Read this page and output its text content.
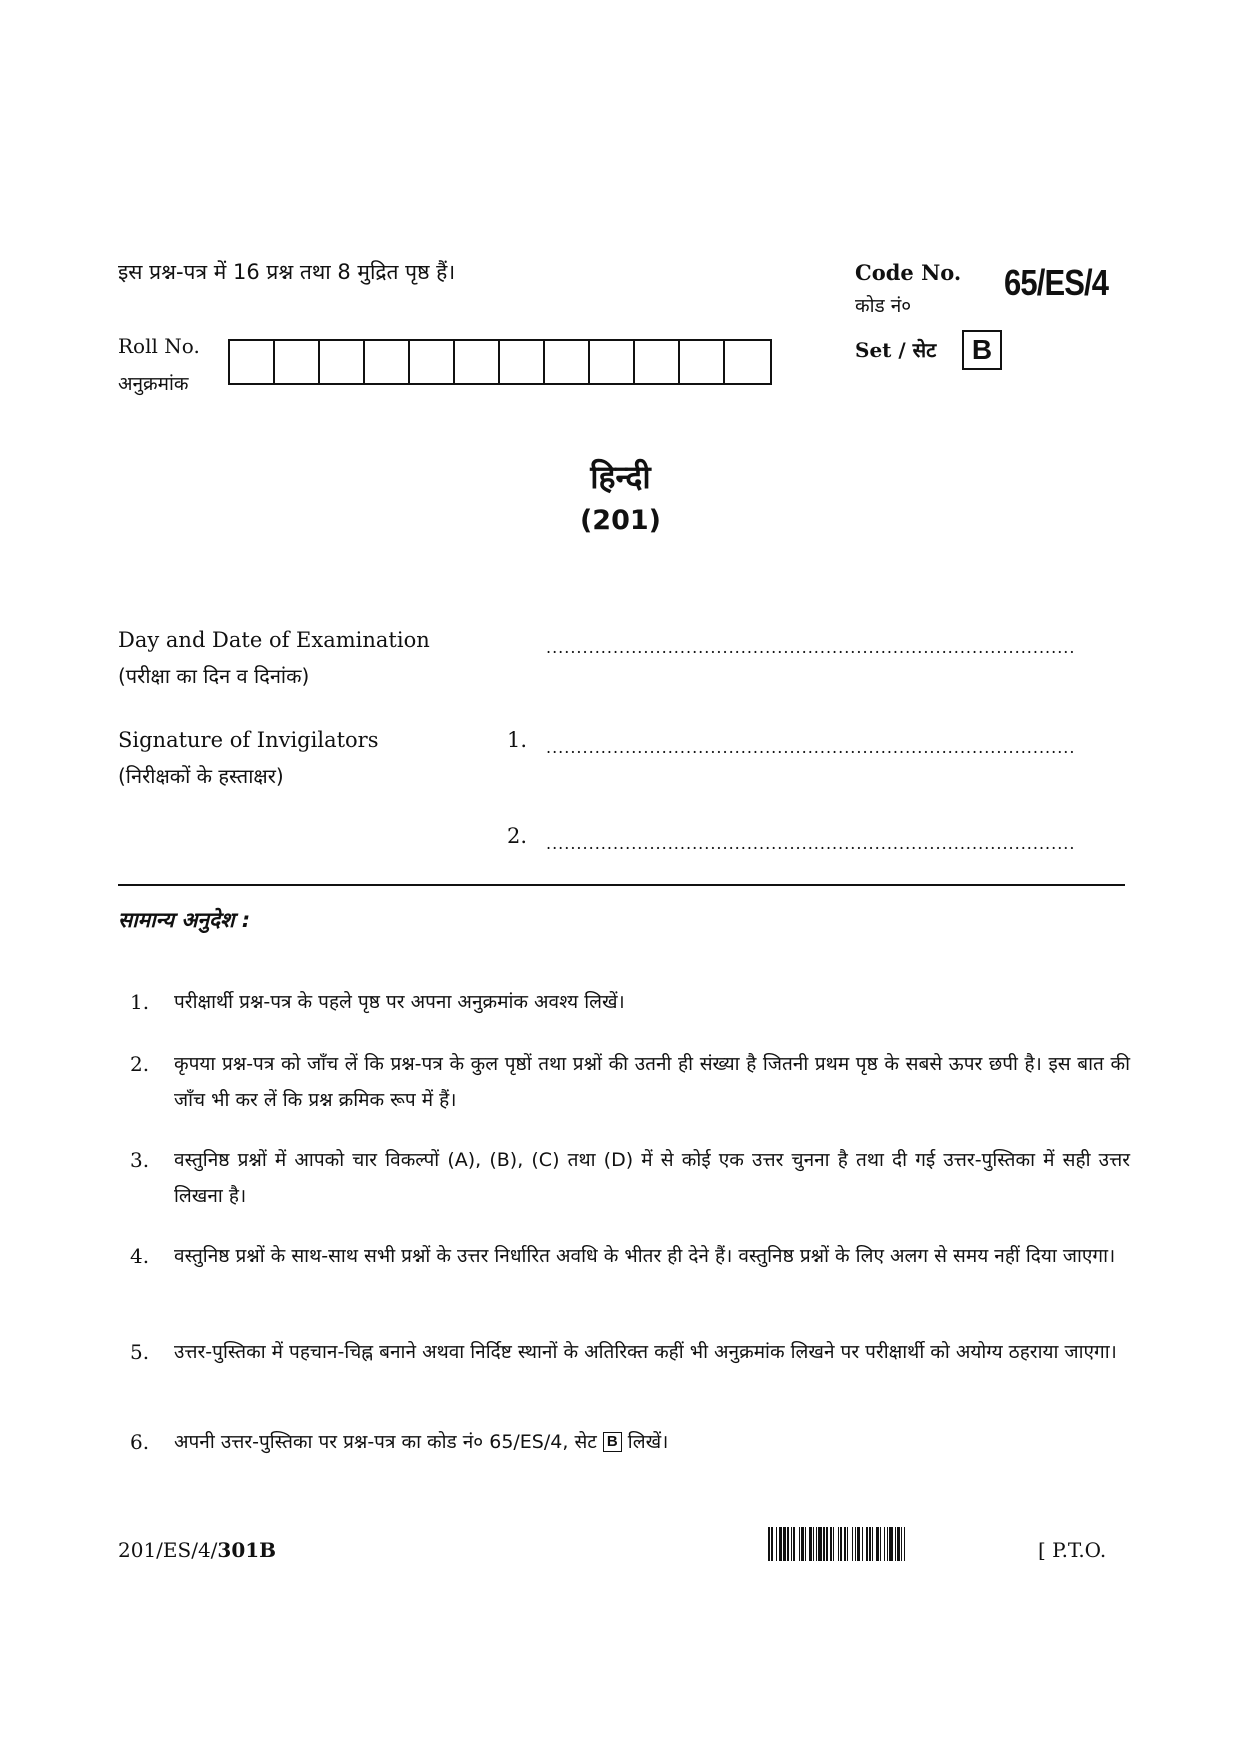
इस प्रश्न-पत्र में 16 प्रश्न तथा 8 मुद्रित पृष्ठ हैं।	Code No.
कोड नं०
65/ES/4
Set / सेट	B
Roll No.
अनुक्रमांक
हिन्दी
(201)
Day and Date of Examination
(परीक्षा का दिन व दिनांक)
.......................................................................................
Signature of Invigilators
(निरीक्षकों के हस्ताक्षर)
1. .......................................................................................
2. .......................................................................................
सामान्य अनुदेश :
1.	परीक्षार्थी प्रश्न-पत्र के पहले पृष्ठ पर अपना अनुक्रमांक अवश्य लिखें।
2.	कृपया प्रश्न-पत्र को जाँच लें कि प्रश्न-पत्र के कुल पृष्ठों तथा प्रश्नों की उतनी ही संख्या है जितनी प्रथम पृष्ठ के सबसे ऊपर छपी है। इस बात की जाँच भी कर लें कि प्रश्न क्रमिक रूप में हैं।
3.	वस्तुनिष्ठ प्रश्नों में आपको चार विकल्पों (A), (B), (C) तथा (D) में से कोई एक उत्तर चुनना है तथा दी गई उत्तर-पुस्तिका में सही उत्तर लिखना है।
4.	वस्तुनिष्ठ प्रश्नों के साथ-साथ सभी प्रश्नों के उत्तर निर्धारित अवधि के भीतर ही देने हैं। वस्तुनिष्ठ प्रश्नों के लिए अलग से समय नहीं दिया जाएगा।
5.	उत्तर-पुस्तिका में पहचान-चिह्न बनाने अथवा निर्दिष्ट स्थानों के अतिरिक्त कहीं भी अनुक्रमांक लिखने पर परीक्षार्थी को अयोग्य ठहराया जाएगा।
6.	अपनी उत्तर-पुस्तिका पर प्रश्न-पत्र का कोड नं० 65/ES/4, सेट B लिखें।
201/ES/4/301B	[ P.T.O.
